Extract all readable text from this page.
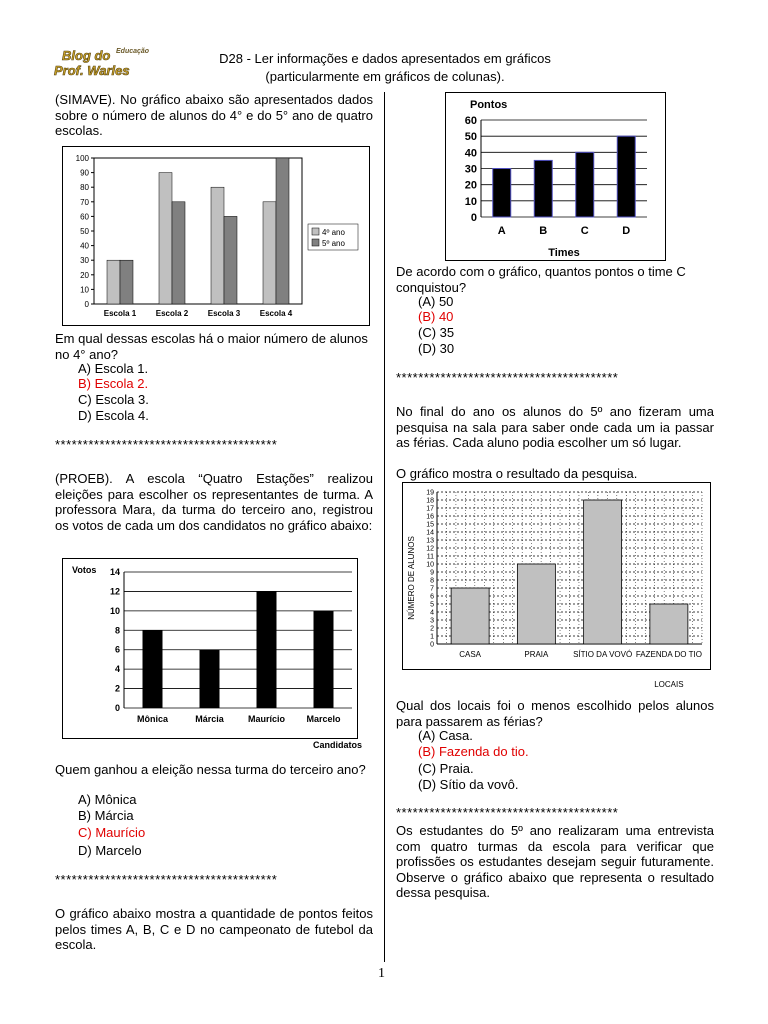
Educação
Blog do
Prof. Warles
D28 - Ler informações e dados apresentados em gráficos
(particularmente em gráficos de colunas).
(SIMAVE). No gráfico abaixo são apresentados dados sobre o número de alunos do 4° e do 5° ano de quatro escolas.
0
10
20
30
40
50
60
70
80
90
100
Escola 1 Escola 2 Escola 3 Escola 4
4º ano
5º ano
Em qual dessas escolas há o maior número de alunos no 4° ano?
A) Escola 1.
B) Escola 2.
C) Escola 3.
D) Escola 4.
****************************************
(PROEB). A escola “Quatro Estações” realizou eleições para escolher os representantes de turma. A professora Mara, da turma do terceiro ano, registrou os votos de cada um dos candidatos no gráfico abaixo:
Votos
0
2
4
6
8
10
12
14
Mônica	Márcia	Maurício Marcelo
Candidatos
Quem ganhou a eleição nessa turma do terceiro ano?
A) Mônica
B) Márcia
C) Maurício
D) Marcelo
****************************************
O gráfico abaixo mostra a quantidade de pontos feitos pelos times A, B, C e D no campeonato de futebol da escola.
Pontos
0
10
20
30
40
50
60
A	B	C	D
Times
De acordo com o gráfico, quantos pontos o time C conquistou?
(A) 50
(B) 40
(C) 35
(D) 30
****************************************
No final do ano os alunos do 5º ano fizeram uma pesquisa na sala para saber onde cada um ia passar as férias. Cada aluno podia escolher um só lugar.
O gráfico mostra o resultado da pesquisa.
0
1
2
3
4
5
6
7
8
9
10
11
12
13
14
15
16
17
18
19
NÚMERO DE ALUNOS
CASA	PRAIA	SÍTIO DA VOVÓ FAZENDA DO TIO
LOCAIS
Qual dos locais foi o menos escolhido pelos alunos para passarem as férias?
(A) Casa.
(B) Fazenda do tio.
(C) Praia.
(D) Sítio da vovô.
****************************************
Os estudantes do 5º ano realizaram uma entrevista com quatro turmas da escola para verificar que profissões os estudantes desejam seguir futuramente. Observe o gráfico abaixo que representa o resultado dessa pesquisa.
1
